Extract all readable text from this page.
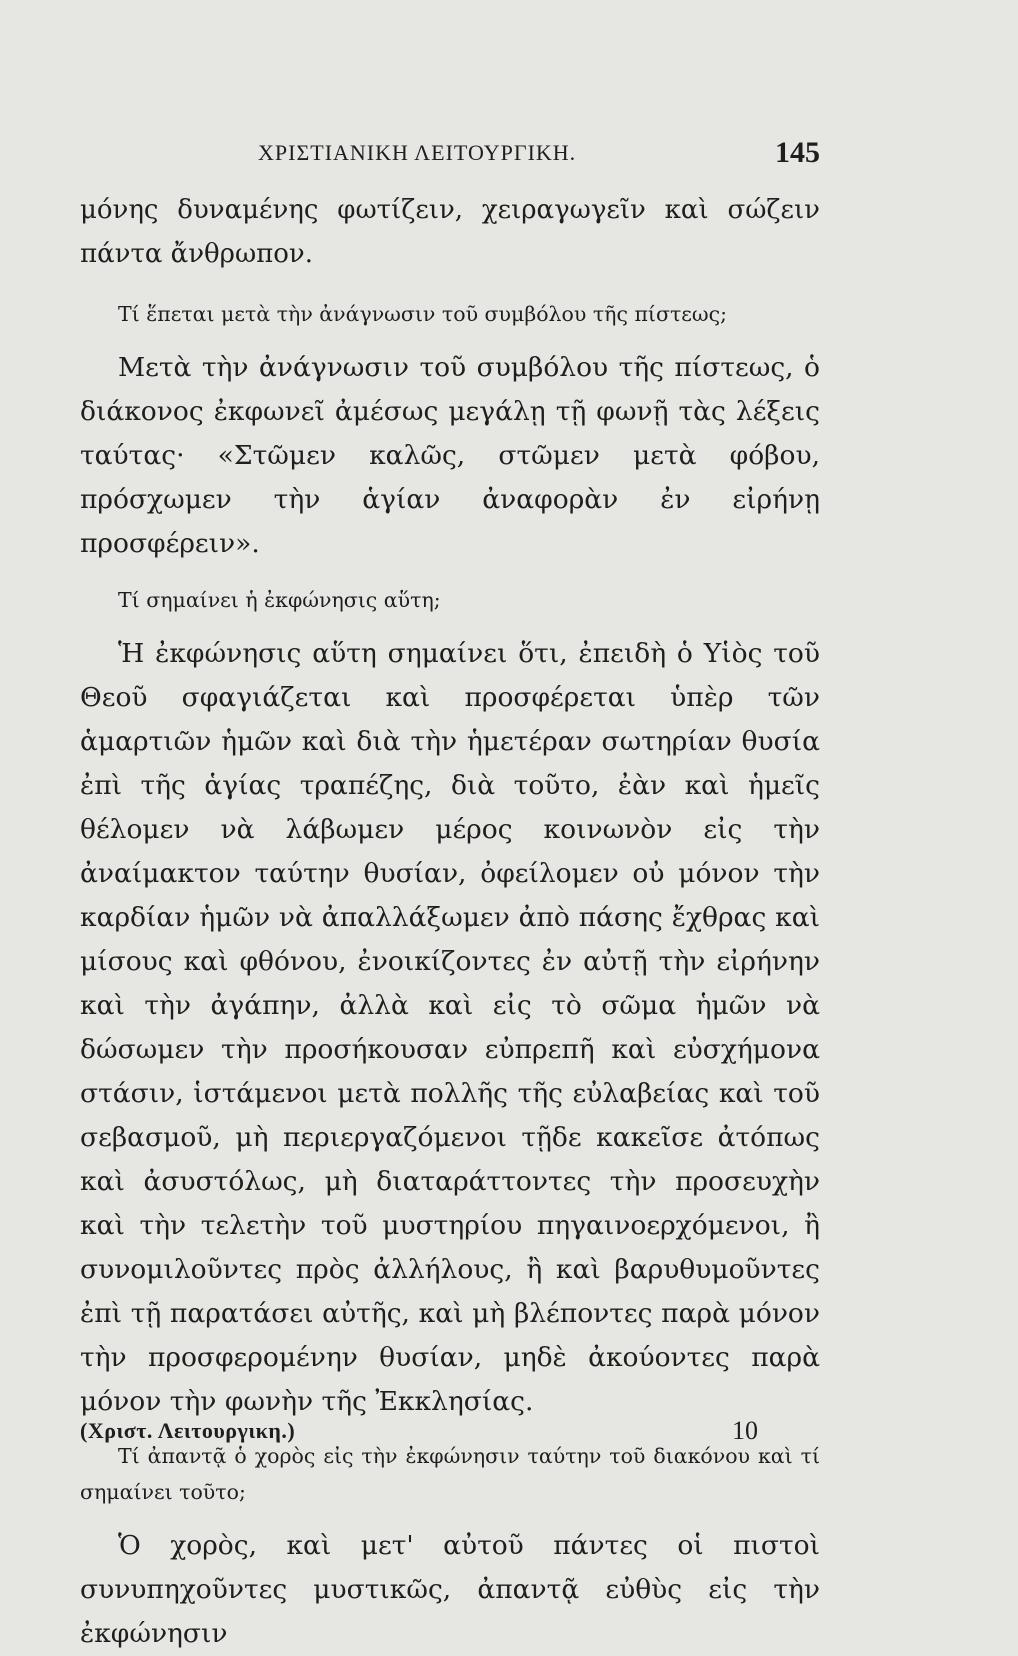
ΧΡΙΣΤΙΑΝΙΚΗ ΛΕΙΤΟΥΡΓΙΚΗ.	145

μόνης δυναμένης φωτίζειν, χειραγωγεῖν καὶ σώζειν πάντα ἄνθρωπον.

Τί ἕπεται μετὰ τὴν ἀνάγνωσιν τοῦ συμβόλου τῆς πίστεως;

Μετὰ τὴν ἀνάγνωσιν τοῦ συμβόλου τῆς πίστεως, ὁ διάκονος ἐκφωνεῖ ἀμέσως μεγάλῃ τῇ φωνῇ τὰς λέξεις ταύτας· «Στῶμεν καλῶς, στῶμεν μετὰ φόβου, πρόσχωμεν τὴν ἁγίαν ἀναφορὰν ἐν εἰρήνῃ προσφέρειν».

Τί σημαίνει ἡ ἐκφώνησις αὕτη;

Ἡ ἐκφώνησις αὕτη σημαίνει ὅτι, ἐπειδὴ ὁ Υἱὸς τοῦ Θεοῦ σφαγιάζεται καὶ προσφέρεται ὑπὲρ τῶν ἁμαρτιῶν ἡμῶν καὶ διὰ τὴν ἡμετέραν σωτηρίαν θυσία ἐπὶ τῆς ἁγίας τραπέζης, διὰ τοῦτο, ἐὰν καὶ ἡμεῖς θέλομεν νὰ λάβωμεν μέρος κοινωνὸν εἰς τὴν ἀναίμακτον ταύτην θυσίαν, ὀφείλομεν οὐ μόνον τὴν καρδίαν ἡμῶν νὰ ἀπαλλάξωμεν ἀπὸ πάσης ἔχθρας καὶ μίσους καὶ φθόνου, ἐνοικίζοντες ἐν αὐτῇ τὴν εἰρήνην καὶ τὴν ἀγάπην, ἀλλὰ καὶ εἰς τὸ σῶμα ἡμῶν νὰ δώσωμεν τὴν προσήκουσαν εὐπρεπῆ καὶ εὐσχήμονα στάσιν, ἱστάμενοι μετὰ πολλῆς τῆς εὐλαβείας καὶ τοῦ σεβασμοῦ, μὴ περιεργαζόμενοι τῇδε κακεῖσε ἀτόπως καὶ ἀσυστόλως, μὴ διαταράττοντες τὴν προσευχὴν καὶ τὴν τελετὴν τοῦ μυστηρίου πηγαινοερχόμενοι, ἢ συνομιλοῦντες πρὸς ἀλλήλους, ἢ καὶ βαρυθυμοῦντες ἐπὶ τῇ παρατάσει αὐτῆς, καὶ μὴ βλέποντες παρὰ μόνον τὴν προσφερομένην θυσίαν, μηδὲ ἀκούοντες παρὰ μόνον τὴν φωνὴν τῆς Ἐκκλησίας.

Τί ἀπαντᾷ ὁ χορὸς εἰς τὴν ἐκφώνησιν ταύτην τοῦ διακόνου καὶ τί σημαίνει τοῦτο;

Ὁ χορὸς, καὶ μετ' αὐτοῦ πάντες οἱ πιστοὶ συνυπηχοῦντες μυστικῶς, ἀπαντᾷ εὐθὺς εἰς τὴν ἐκφώνησιν

(Χριστ. Λειτουργικη.)	10
